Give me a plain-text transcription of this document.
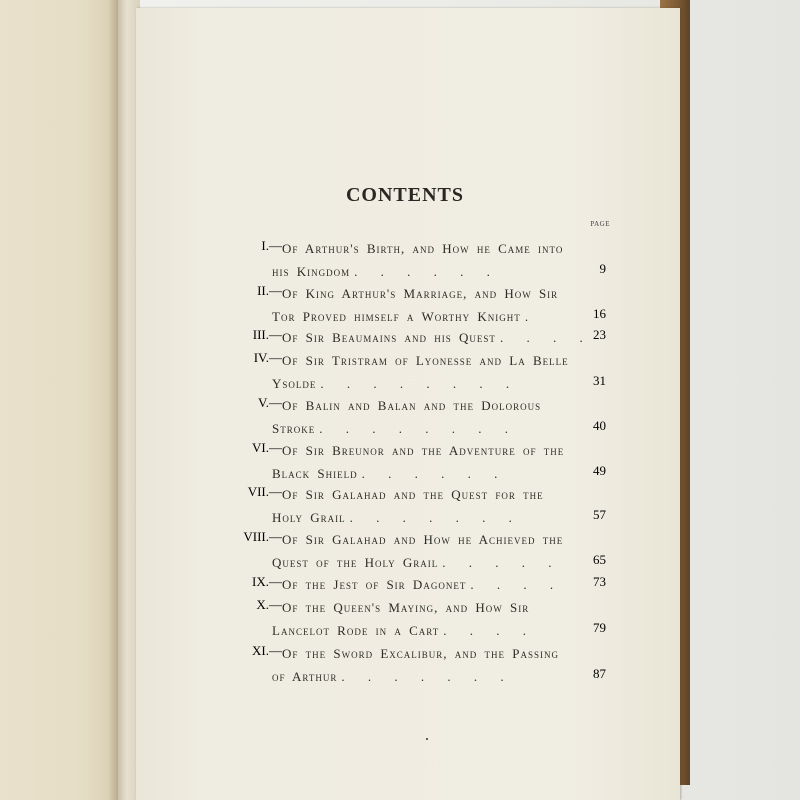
CONTENTS
PAGE
I.— Of Arthur's Birth, and How he Came into
his Kingdom . . . . . .	9
II.— Of King Arthur's Marriage, and How Sir
Tor Proved himself a Worthy Knight .	16
III.— Of Sir Beaumains and his Quest . . . . 23
IV.— Of Sir Tristram of Lyonesse and La Belle
Ysolde . . . . . . . .	31
V.— Of Balin and Balan and the Dolorous
Stroke . . . . . . . .	40
VI.— Of Sir Breunor and the Adventure of the
Black Shield . . . . . .	49
VII.— Of Sir Galahad and the Quest for the
Holy Grail . . . . . . .	57
VIII.— Of Sir Galahad and How he Achieved the
Quest of the Holy Grail . . . . .	65
IX.— Of the Jest of Sir Dagonet . . . .	73
X.— Of the Queen's Maying, and How Sir
Lancelot Rode in a Cart . . . .	79
XI.— Of the Sword Excalibur, and the Passing
of Arthur . . . . . . .	87
